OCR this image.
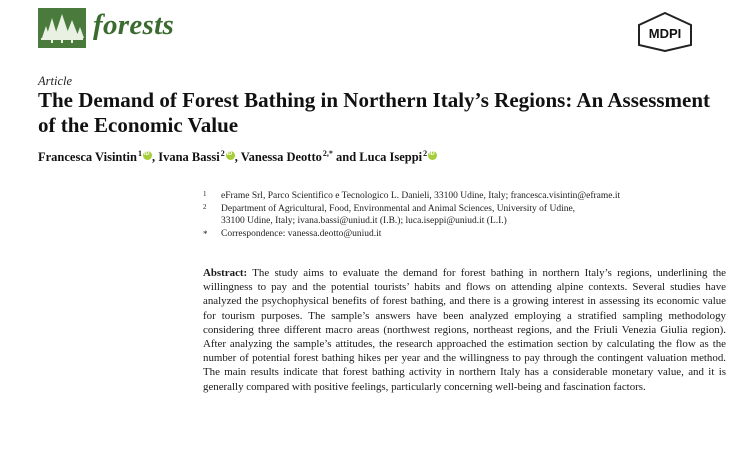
forests	MDPI
Article
The Demand of Forest Bathing in Northern Italy’s Regions: An Assessment of the Economic Value
Francesca Visintin$^1$ iD , Ivana Bassi$^2$ iD , Vanessa Deotto$^{2,*}$ and Luca Iseppi$^2$iD
1 eFrame Srl, Parco Scientifico e Tecnologico L. Danieli, 33100 Udine, Italy; francesca.visintin@eframe.it
2 Department of Agricultural, Food, Environmental and Animal Sciences, University of Udine,
33100 Udine, Italy; ivana.bassi@uniud.it (I.B.); luca.iseppi@uniud.it (L.I.)
* Correspondence: vanessa.deotto@uniud.it
Abstract: The study aims to evaluate the demand for forest bathing in northern Italy’s regions, underlining the willingness to pay and the potential tourists’ habits and flows on attending alpine contexts. Several studies have analyzed the psychophysical benefits of forest bathing, and there is a growing interest in assessing its economic value for tourism purposes. The sample’s answers have been analyzed employing a stratified sampling methodology considering three different macro areas (northwest regions, northeast regions, and the Friuli Venezia Giulia region). After analyzing the sample’s attitudes, the research approached the estimation section by calculating the flow as the number of potential forest bathing hikes per year and the willingness to pay through the contingent valuation method. The main results indicate that forest bathing activity in northern Italy has a considerable monetary value, and it is generally compared with positive feelings, particularly concerning well-being and fascination factors.
